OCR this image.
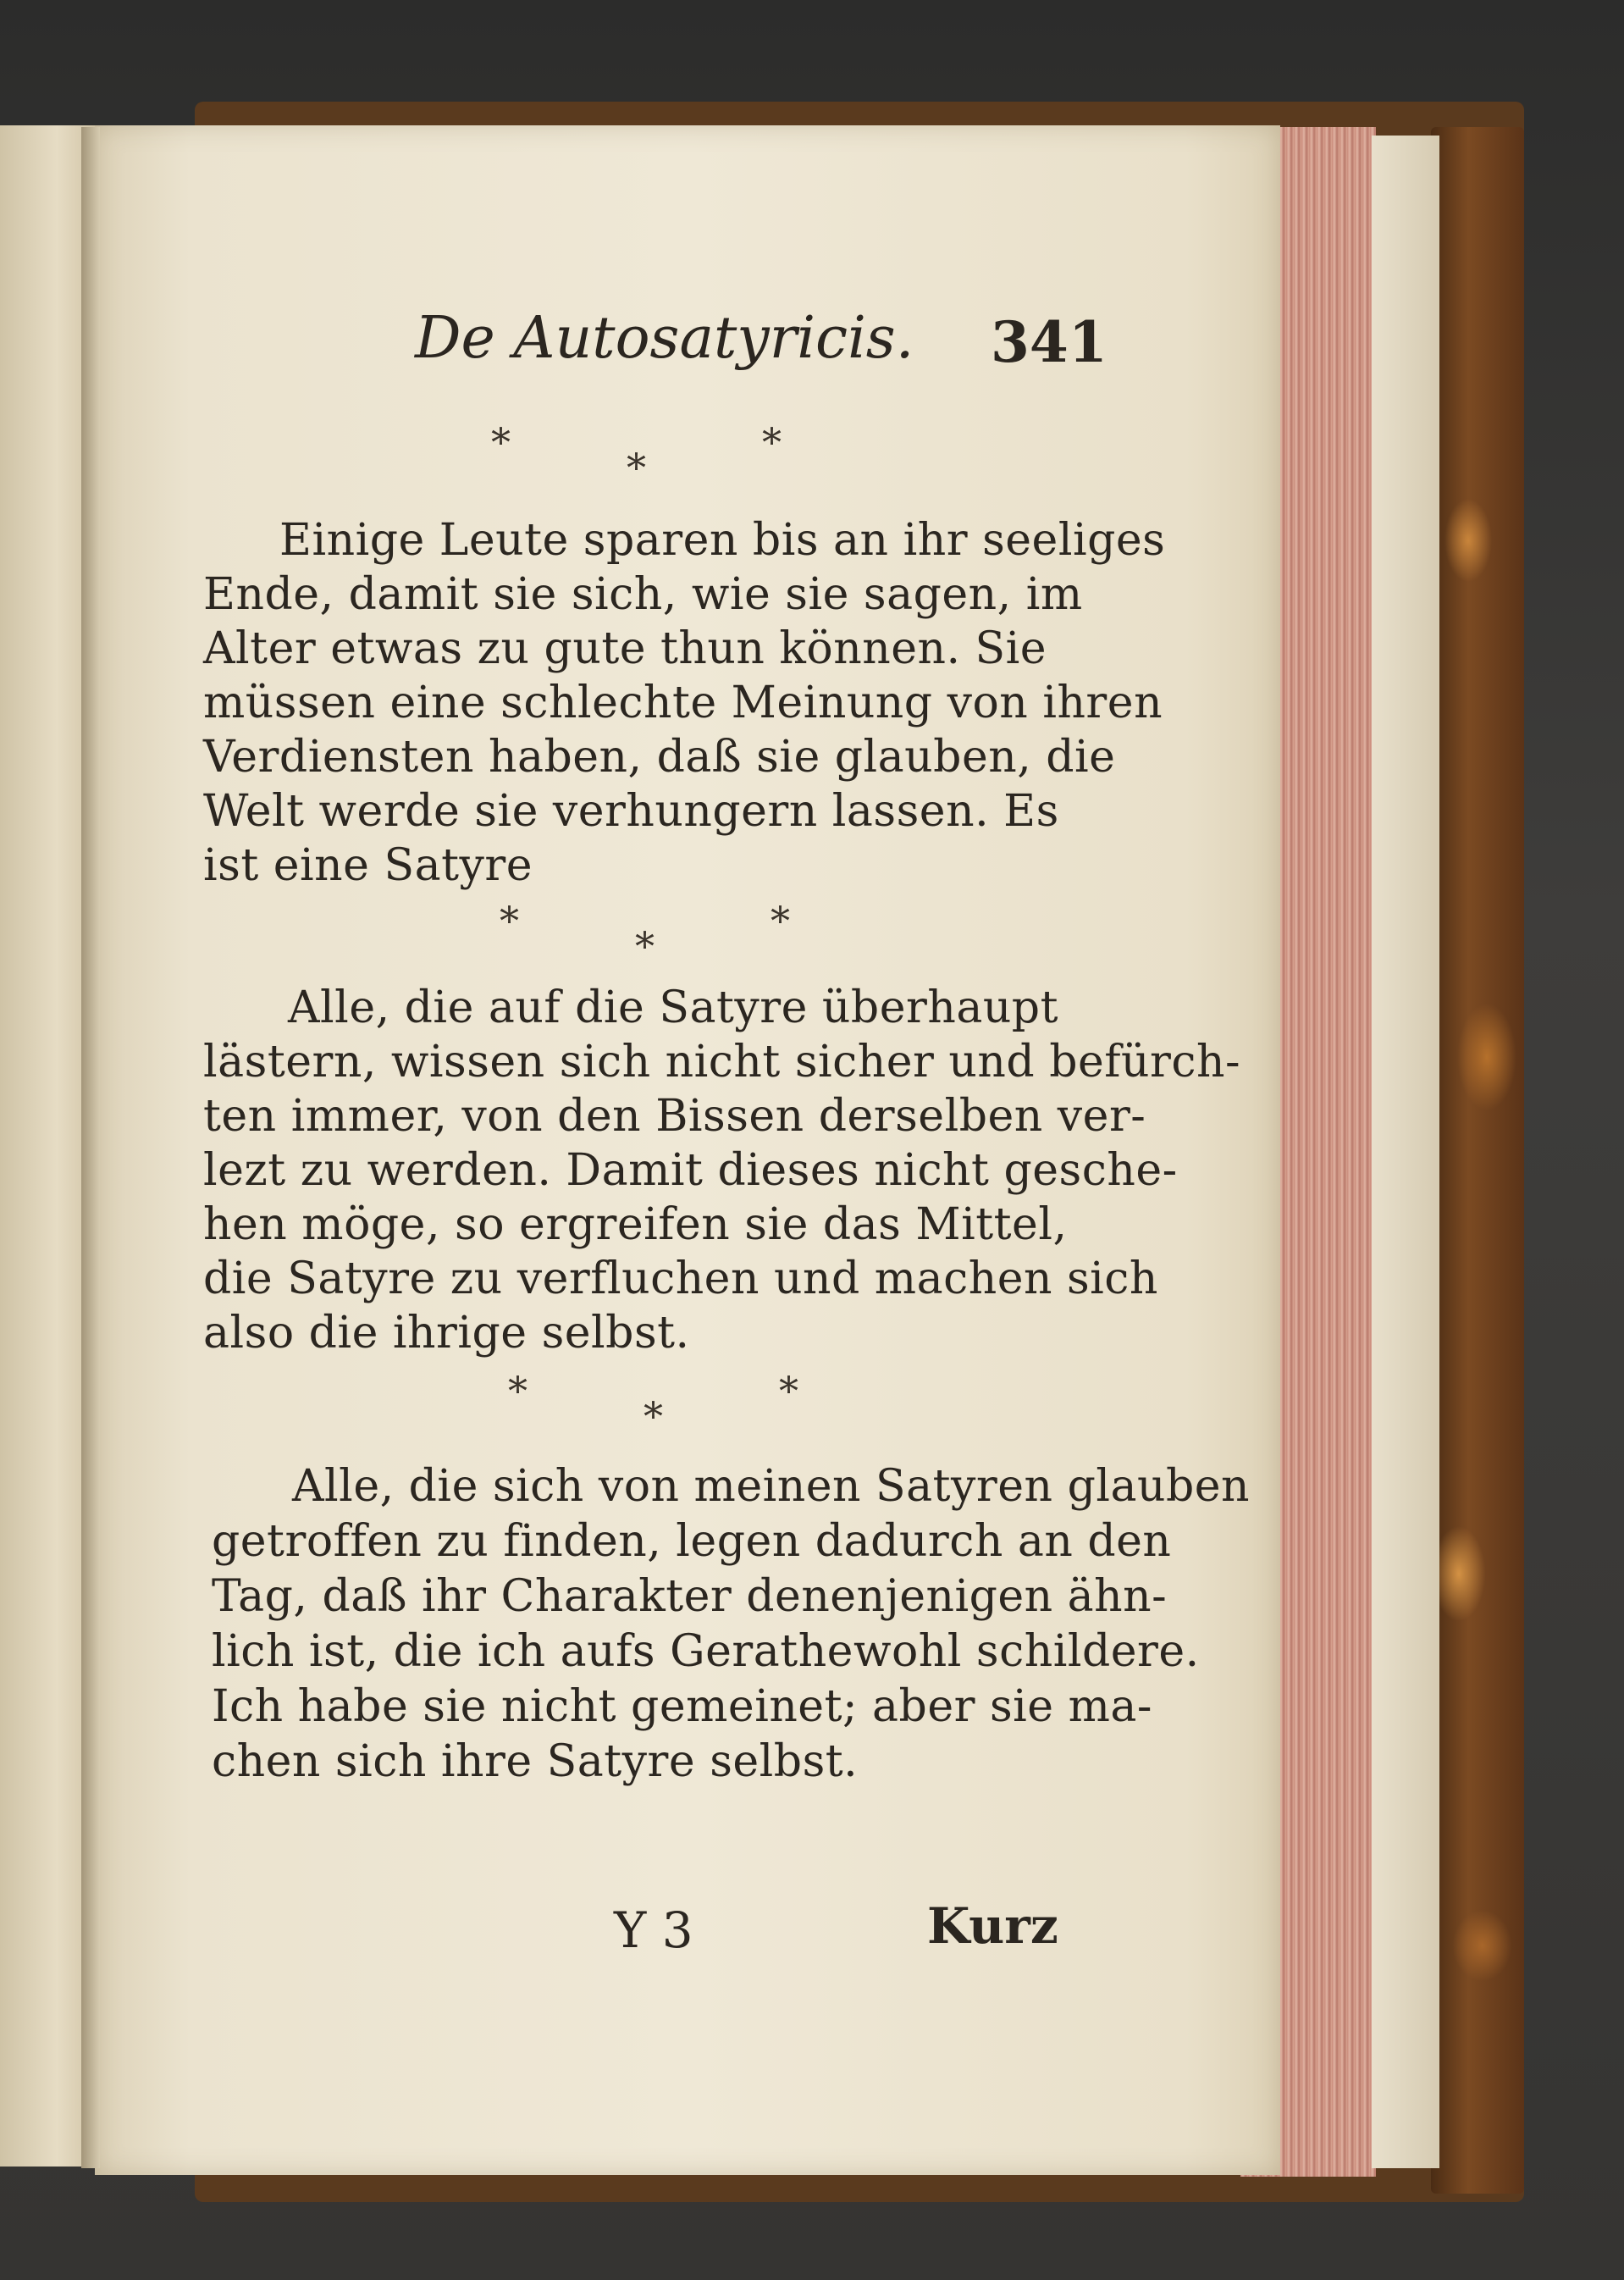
De Autosatyricis. 341
*
*
*
Einige Leute sparen bis an ihr seeliges
Ende, damit sie sich, wie sie sagen, im
Alter etwas zu gute thun können. Sie
müssen eine schlechte Meinung von ihren
Verdiensten haben, daß sie glauben, die
Welt werde sie verhungern lassen. Es
ist eine Satyre
*
*
*
Alle, die auf die Satyre überhaupt
lästern, wissen sich nicht sicher und befürch-
ten immer, von den Bissen derselben ver-
lezt zu werden. Damit dieses nicht gesche-
hen möge, so ergreifen sie das Mittel,
die Satyre zu verfluchen und machen sich
also die ihrige selbst.
*
*
*
Alle, die sich von meinen Satyren glauben
getroffen zu finden, legen dadurch an den
Tag, daß ihr Charakter denenjenigen ähn-
lich ist, die ich aufs Gerathewohl schildere.
Ich habe sie nicht gemeinet; aber sie ma-
chen sich ihre Satyre selbst.
Y 3	Kurz
